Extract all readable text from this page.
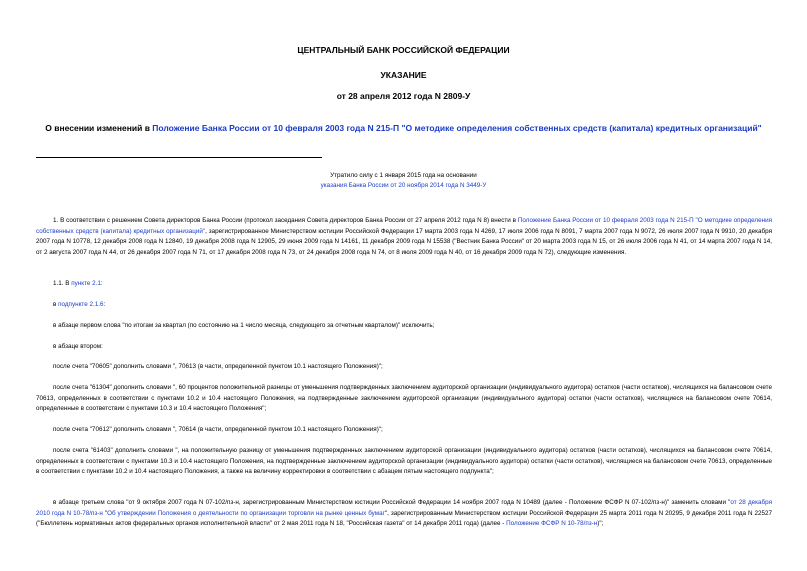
ЦЕНТРАЛЬНЫЙ БАНК РОССИЙСКОЙ ФЕДЕРАЦИИ
УКАЗАНИЕ
от 28 апреля 2012 года N 2809-У
О внесении изменений в Положение Банка России от 10 февраля 2003 года N 215-П "О методике определения собственных средств (капитала) кредитных организаций"
Утратило силу с 1 января 2015 года на основании
указания Банка России от 20 ноября 2014 года N 3449-У
1. В соответствии с решением Совета директоров Банка России (протокол заседания Совета директоров Банка России от 27 апреля 2012 года N 8) внести в Положение Банка России от 10 февраля 2003 года N 215-П "О методике определения собственных средств (капитала) кредитных организаций", зарегистрированное Министерством юстиции Российской Федерации 17 марта 2003 года N 4269, 17 июля 2006 года N 8091, 7 марта 2007 года N 9072, 26 июля 2007 года N 9910, 20 декабря 2007 года N 10778, 12 декабря 2008 года N 12840, 19 декабря 2008 года N 12905, 29 июня 2009 года N 14161, 11 декабря 2009 года N 15538 ("Вестник Банка России" от 20 марта 2003 года N 15, от 26 июля 2006 года N 41, от 14 марта 2007 года N 14, от 2 августа 2007 года N 44, от 26 декабря 2007 года N 71, от 17 декабря 2008 года N 73, от 24 декабря 2008 года N 74, от 8 июля 2009 года N 40, от 16 декабря 2009 года N 72), следующие изменения.
1.1. В пункте 2.1:
в подпункте 2.1.6:
в абзаце первом слова "по итогам за квартал (по состоянию на 1 число месяца, следующего за отчетным кварталом)" исключить;
в абзаце втором:
после счета "70605" дополнить словами ", 70613 (в части, определенной пунктом 10.1 настоящего Положения)";
после счета "61304" дополнить словами ", 60 процентов положительной разницы от уменьшения подтвержденных заключением аудиторской организации (индивидуального аудитора) остатков (части остатков), числящихся на балансовом счете 70613, определенных в соответствии с пунктами 10.2 и 10.4 настоящего Положения, на подтвержденные заключением аудиторской организации (индивидуального аудитора) остатки (части остатков), числящиеся на балансовом счете 70614, определенные в соответствии с пунктами 10.3 и 10.4 настоящего Положения";
после счета "70612" дополнить словами ", 70614 (в части, определенной пунктом 10.1 настоящего Положения)";
после счета "61403" дополнить словами ", на положительную разницу от уменьшения подтвержденных заключением аудиторской организации (индивидуального аудитора) остатков (части остатков), числящихся на балансовом счете 70614, определенных в соответствии с пунктами 10.3 и 10.4 настоящего Положения, на подтвержденные заключением аудиторской организации (индивидуального аудитора) остатки (части остатков), числящиеся на балансовом счете 70613, определенные в соответствии с пунктами 10.2 и 10.4 настоящего Положения, а также на величину корректировки в соответствии с абзацем пятым настоящего подпункта";
в абзаце третьем слова "от 9 октября 2007 года N 07-102/пз-н, зарегистрированным Министерством юстиции Российской Федерации 14 ноября 2007 года N 10489 (далее - Положение ФСФР N 07-102/пз-н)" заменить словами "от 28 декабря 2010 года N 10-78/пз-н "Об утверждении Положения о деятельности по организации торговли на рынке ценных бумаг", зарегистрированным Министерством юстиции Российской Федерации 25 марта 2011 года N 20295, 9 декабря 2011 года N 22527 ("Бюллетень нормативных актов федеральных органов исполнительной власти" от 2 мая 2011 года N 18, "Российская газета" от 14 декабря 2011 года) (далее - Положение ФСФР N 10-78/пз-н)";
